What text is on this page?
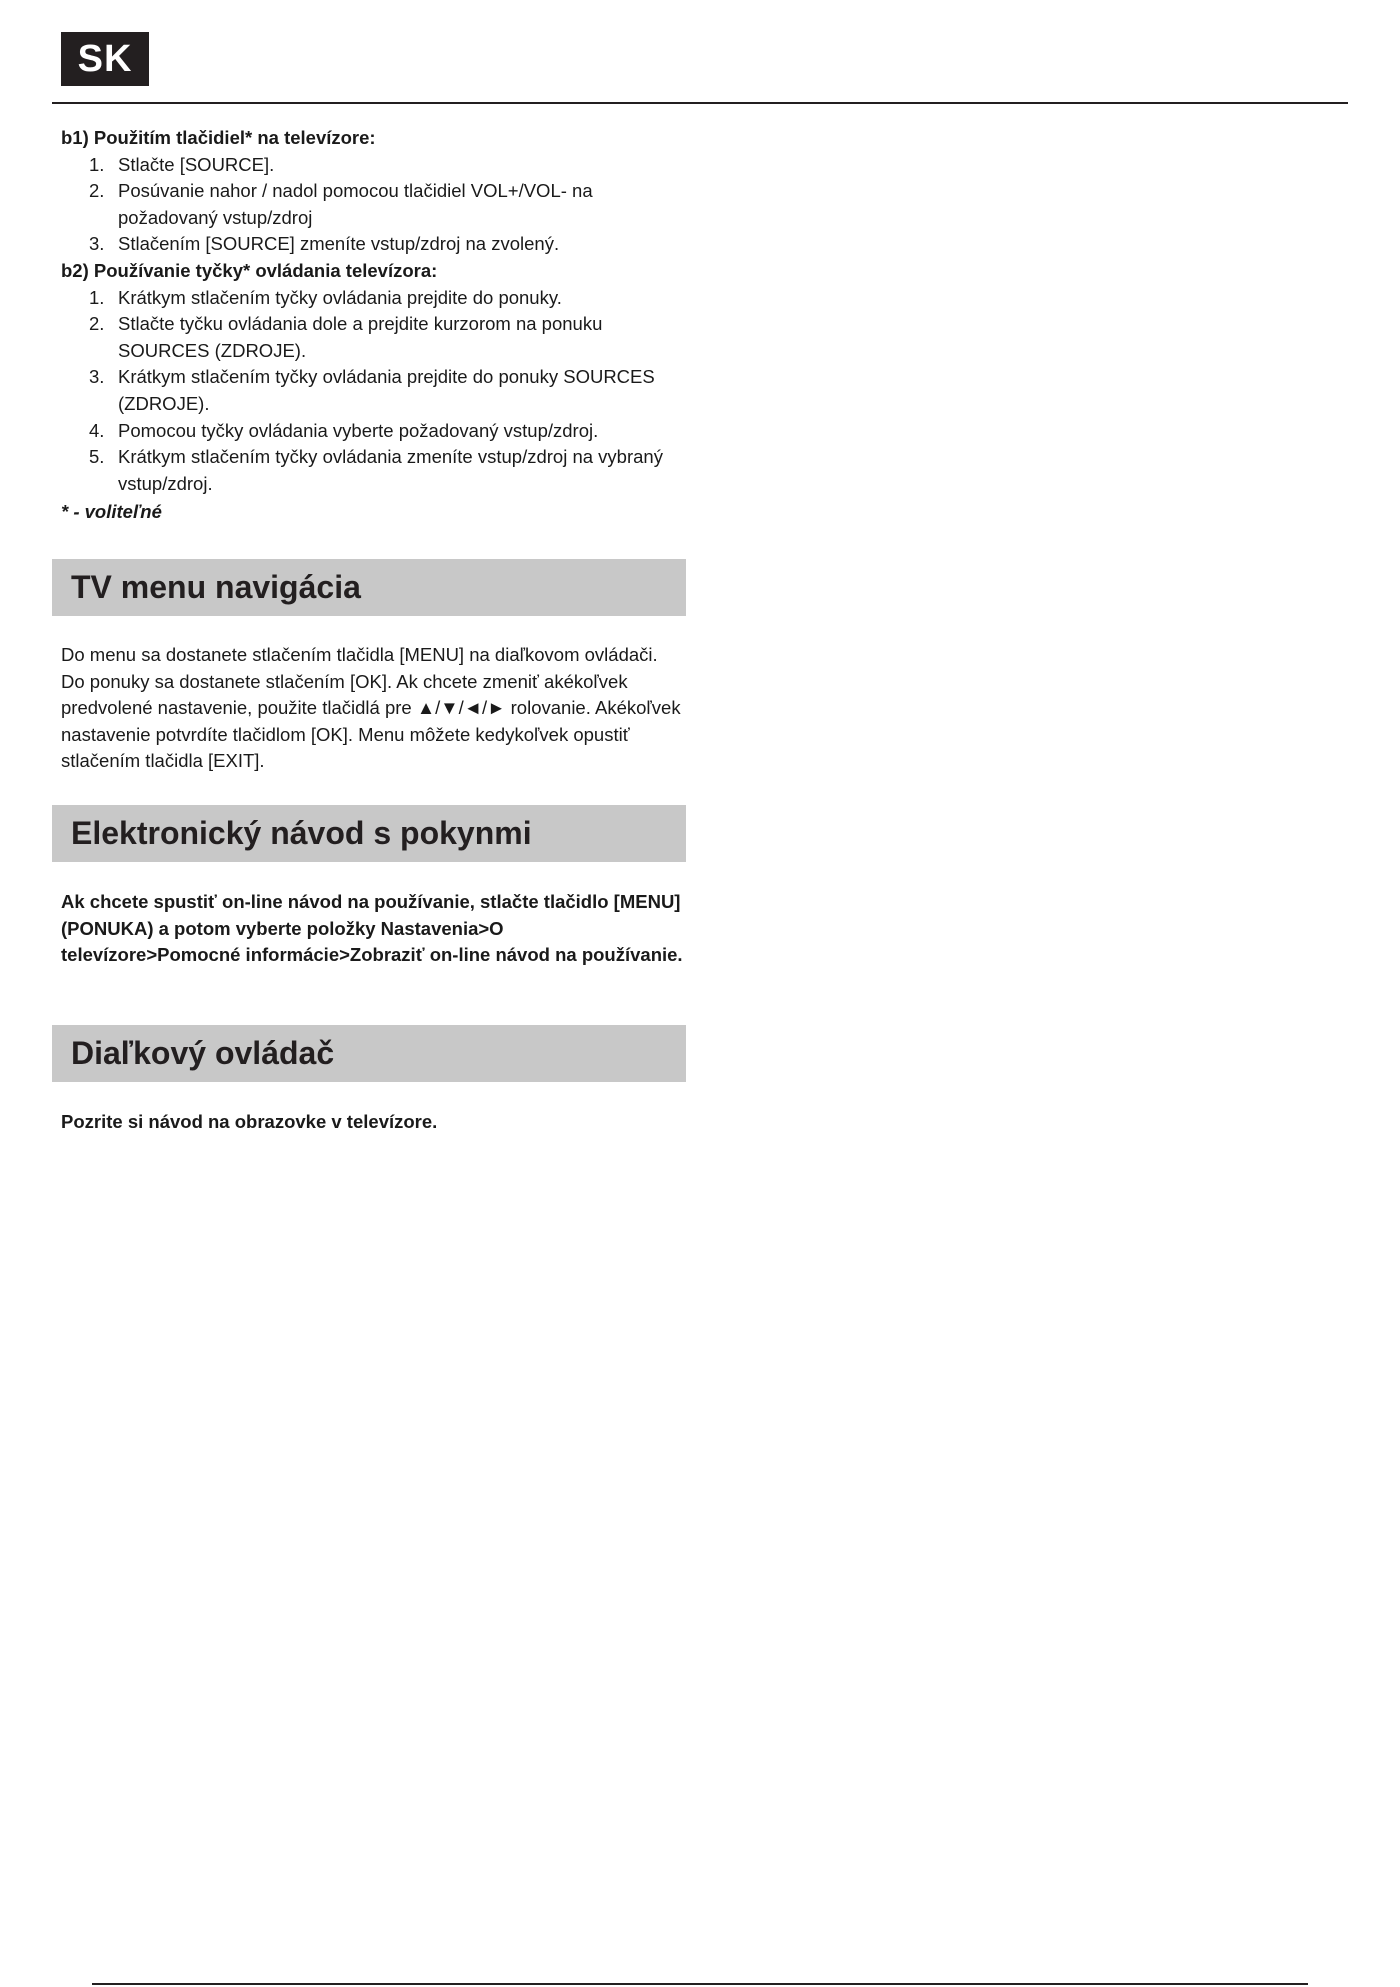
SK

b1) Použitím tlačidiel* na televízore:

1. Stlačte [SOURCE].
2. Posúvanie nahor / nadol pomocou tlačidiel VOL+/VOL- na požadovaný vstup/zdroj
3. Stlačením [SOURCE] zmeníte vstup/zdroj na zvolený.

b2) Používanie tyčky* ovládania televízora:

1. Krátkym stlačením tyčky ovládania prejdite do ponuky.
2. Stlačte tyčku ovládania dole a prejdite kurzorom na ponuku SOURCES (ZDROJE).
3. Krátkym stlačením tyčky ovládania prejdite do ponuky SOURCES (ZDROJE).
4. Pomocou tyčky ovládania vyberte požadovaný vstup/zdroj.
5. Krátkym stlačením tyčky ovládania zmeníte vstup/zdroj na vybraný vstup/zdroj.

* - voliteľné

TV menu navigácia

Do menu sa dostanete stlačením tlačidla [MENU] na diaľkovom ovládači. Do ponuky sa dostanete stlačením [OK]. Ak chcete zmeniť akékoľvek predvolené nastavenie, použite tlačidlá pre ▲/▼/◄/► rolovanie. Akékoľvek nastavenie potvrdíte tlačidlom [OK]. Menu môžete kedykoľvek opustiť stlačením tlačidla [EXIT].

Elektronický návod s pokynmi

Ak chcete spustiť on-line návod na používanie, stlačte tlačidlo [MENU] (PONUKA) a potom vyberte položky Nastavenia>O televízore>Pomocné informácie>Zobraziť on-line návod na používanie.

Diaľkový ovládač

Pozrite si návod na obrazovke v televízore.
